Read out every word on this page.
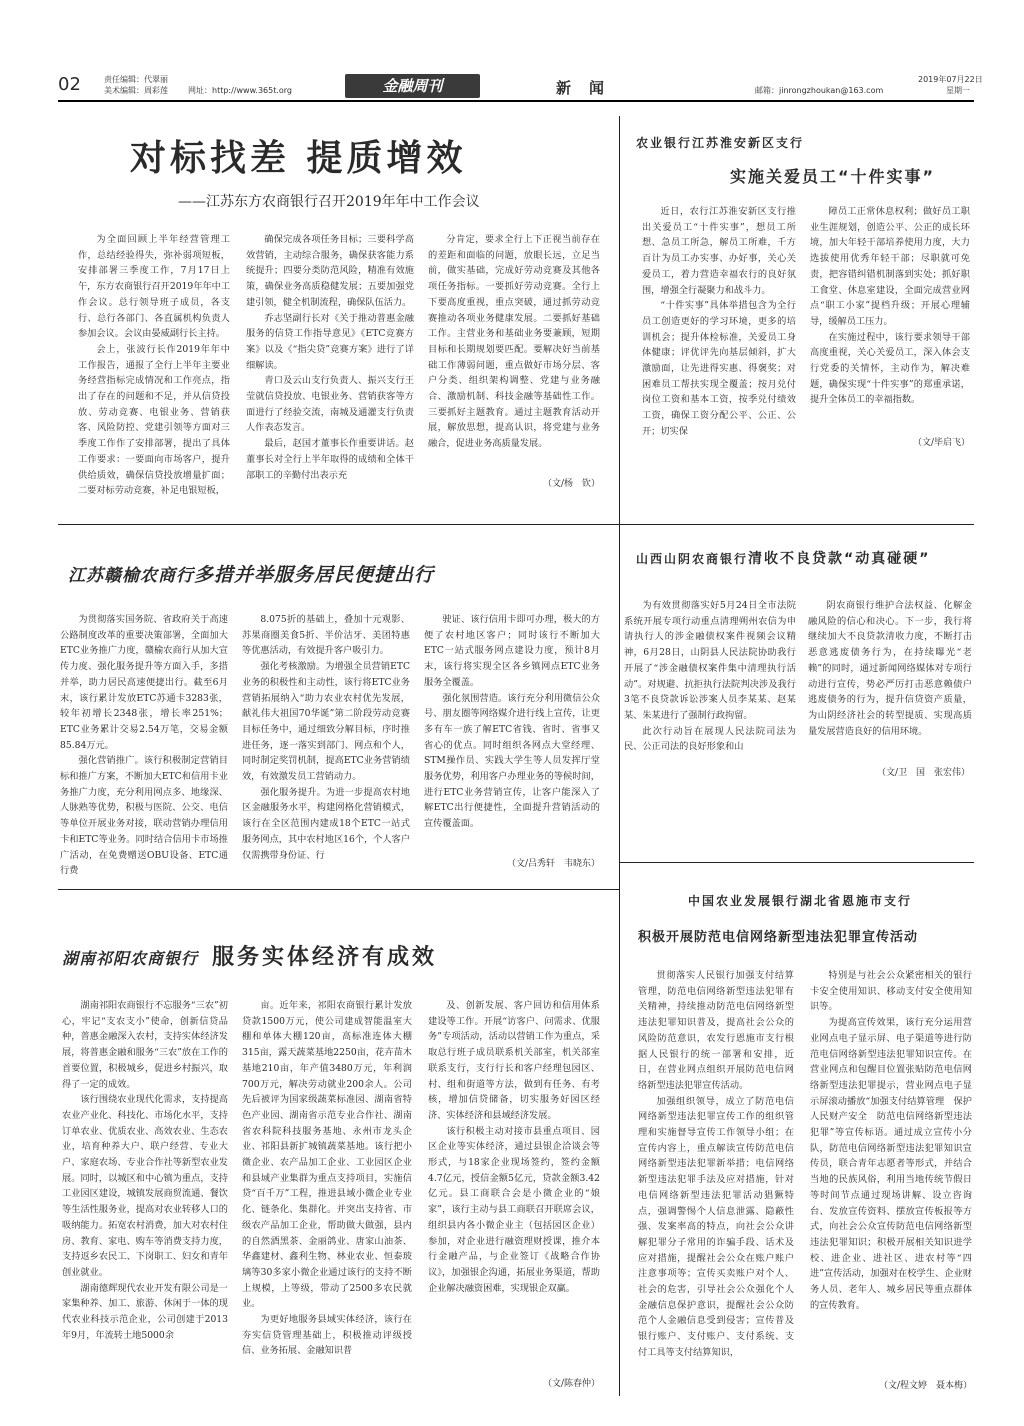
02	责任编辑：代翠丽
美术编辑：周彩莲	网址：http://www.365t.org	金融周刊	新闻	邮箱：jinrongzhoukan@163.com
2019年07月22日
星期一
对标找差 提质增效
——江苏东方农商银行召开2019年年中工作会议

为全面回顾上半年经营管理工作，总结经验得失，弥补弱项短板，安排部署三季度工作，7月17日上午，东方农商银行召开2019年年中工作会议。总行领导班子成员，各支行、总行各部门、各直属机构负责人参加会议。会议由晏威副行长主持。

会上，张波行长作2019年年中工作报告，通报了全行上半年主要业务经营指标完成情况和工作亮点，指出了存在的问题和不足，并从信贷投放、劳动竞赛、电银业务、营销获客、风险防控、党建引领等方面对三季度工作作了安排部署，提出了具体工作要求：一要面向市场客户，提升供给质效，确保信贷投放增量扩面；二要对标劳动竞赛，补足电银短板，

确保完成各项任务目标；三要科学高效营销，主动综合服务，确保获客能力系统提升；四要分类防范风险，精准有效施策，确保业务高质稳健发展；五要加强党建引领，健全机制流程，确保队伍活力。

乔志坚副行长对《关于推动普惠金融服务的信贷工作指导意见》《ETC竞赛方案》以及《“指尖贷”竞赛方案》进行了详细解读。

青口及云山支行负责人、振兴支行王莹就信贷投放、电银业务、营销获客等方面进行了经验交流，南城及通灌支行负责人作表态发言。

最后，赵国才董事长作重要讲话。赵董事长对全行上半年取得的成绩和全体干部职工的辛勤付出表示充

分肯定，要求全行上下正视当前存在的差距和面临的问题，放眼长远，立足当前，做实基础，完成好劳动竞赛及其他各项任务指标。一要抓好劳动竞赛。全行上下要高度重视，重点突破，通过抓劳动竞赛推动各项业务健康发展。二要抓好基础工作。主营业务和基础业务要兼顾，短期目标和长期规划要匹配。要解决好当前基础工作薄弱问题，重点做好市场分层、客户分类、组织架构调整、党建与业务融合、激励机制、科技金融等基础性工作。三要抓好主题教育。通过主题教育活动开展，解放思想，提高认识，将党建与业务融合，促进业务高质量发展。

（文/杨　钦）
农业银行江苏淮安新区支行
实施关爱员工“十件实事”

近日，农行江苏淮安新区支行推出关爱员工“十件实事”，想员工所想、急员工所急，解员工所难，千方百计为员工办实事、办好事，关心关爱员工，着力营造幸福农行的良好氛围，增强全行凝聚力和战斗力。

“十件实事”具体举措包含为全行员工创造更好的学习环境，更多的培训机会；提升体检标准，关爱员工身体健康；评优评先向基层倾斜，扩大激励面，让先进得实惠、得褒奖；对困难员工帮扶实现全覆盖；按月兑付岗位工资和基本工资，按季兑付绩效工资，确保工资分配公平、公正、公开；切实保

障员工正常休息权利；做好员工职业生涯规划，创造公平、公正的成长环境，加大年轻干部培养使用力度，大力选拔使用优秀年轻干部；尽职就可免责，把容错纠错机制落到实处；抓好职工食堂、休息室建设，全面完成营业网点“职工小家”提档升级；开展心理辅导，缓解员工压力。

在实施过程中，该行要求领导干部高度重视，关心关爱员工，深入体会支行党委的关情怀，主动作为，解决难题，确保实现“十件实事”的郑重承诺，提升全体员工的幸福指数。

（文/毕启飞）
江苏赣榆农商行多措并举服务居民便捷出行

为贯彻落实国务院、省政府关于高速公路制度改革的重要决策部署，全面加大ETC业务推广力度，赣榆农商行从加大宣传力度、强化服务提升等方面入手，多措并举，助力居民高速便捷出行。截至6月末，该行累计发放ETC苏通卡3283张，较年初增长2348张，增长率251%；ETC业务累计交易2.54万笔，交易金额85.84万元。

强化营销推广。该行积极制定营销目标和推广方案，不断加大ETC和信用卡业务推广力度，充分利用网点多、地缘深、人脉熟等优势，积极与医院、公交、电信等单位开展业务对接，联动营销办理信用卡和ETC等业务。同时结合信用卡市场推广活动，在免费赠送OBU设备、ETC通行费

8.075折的基础上，叠加十元观影、苏果商圈美食5折、半价洁牙、美团特惠等优惠活动，有效提升客户吸引力。

强化考核激励。为增强全员营销ETC业务的积极性和主动性，该行将ETC业务营销拓展纳入“助力农业农村优先发展，献礼伟大祖国70华诞”第二阶段劳动竞赛目标任务中，通过细致分解目标，序时推进任务，逐一落实到部门、网点和个人，同时制定奖罚机制，提高ETC业务营销绩效，有效激发员工营销动力。

强化服务提升。为进一步提高农村地区金融服务水平，构建网格化营销模式，该行在全区范围内建成18个ETC一站式服务网点，其中农村地区16个，个人客户仅需携带身份证、行

驶证、该行信用卡即可办理，极大的方便了农村地区客户；同时该行不断加大ETC一站式服务网点建设力度，预计8月末，该行将实现全区各乡镇网点ETC业务服务全覆盖。

强化氛围营造。该行充分利用微信公众号、朋友圈等网络媒介进行线上宣传，让更多有车一族了解ETC省钱、省时、省事又省心的优点。同时组织各网点大堂经理、STM操作员、实践大学生等人员发挥厅堂服务优势，利用客户办理业务的等候时间，进行ETC业务营销宣传，让客户能深入了解ETC出行便捷性，全面提升营销活动的宣传覆盖面。

（文/吕秀轩　韦晓东）
山西山阴农商银行清收不良贷款“动真碰硬”

为有效贯彻落实好5月24日全市法院系统开展专项行动重点清理朔州农信为申请执行人的涉金融债权案件视频会议精神，6月28日，山阴县人民法院协助我行开展了“涉金融债权案件集中清理执行活动”。对规避、抗拒执行法院判决涉及我行3笔不良贷款诉讼涉案人员李某某、赵某某、朱某进行了强制行政拘留。

此次行动旨在展现人民法院司法为民、公正司法的良好形象和山

阴农商银行维护合法权益、化解金融风险的信心和决心。下一步，我行将继续加大不良贷款清收力度，不断打击恶意逃废债务行为，在持续曝光“老赖”的同时，通过新闻网络媒体对专项行动进行宣传，势必严厉打击恶意赖债户逃废债务的行为，提升信贷资产质量，为山阴经济社会的转型提质、实现高质量发展营造良好的信用环境。

（文/卫　国　张宏伟）
湖南祁阳农商银行 服务实体经济有成效

湖南祁阳农商银行不忘服务“三农”初心，牢记“支农支小”使命，创新信贷品种，普惠金融深入农村，支持实体经济发展，将普惠金融和服务“三农”放在工作的首要位置，积极城乡，促进乡村振兴，取得了一定的成效。

该行围绕农业现代化需求，支持提高农业产业化、科技化、市场化水平，支持订单农业、优质农业、高效农业、生态农业，培育种养大户、联户经营、专业大户、家庭农场、专业合作社等新型农业发展。同时，以城区和中心镇为重点，支持工业园区建设，城镇发展商贸流通、餐饮等生活性服务业，提高对农业转移人口的吸纳能力。拓宽农村消费，加大对农村住房、教育、家电、购车等消费支持力度，支持返乡农民工、下岗职工、妇女和青年创业就业。

湖南德辉现代农业开发有限公司是一家集种养、加工、旅游、休闲于一体的现代农业科技示范企业，公司创建于2013年9月，年流转土地5000余

亩。近年来，祁阳农商银行累计发放贷款1500万元，使公司建成智能温室大棚和单体大棚120亩，高标准连体大棚315亩，露天蔬菜基地2250亩，花卉苗木基地210亩，年产值3480万元，年利润700万元，解决劳动就业200余人。公司先后被评为国家级蔬菜标准园、湖南省特色产业园、湖南省示范专业合作社、湖南省农科院科技服务基地、永州市龙头企业、祁阳县新扩城镇蔬菜基地。该行把小微企业、农产品加工企业、工业园区企业和县域产业集群为重点支持项目，实施信贷“百千万”工程，推进县域小微企业专业化、链条化、集群化。并突出支持省、市级农产品加工企业，帮助做大做强，县内的自然酒黑茶、金丽鸽业、唐家山油茶、华鑫建材、鑫利生物、林业农业、恒泰玻璃等30多家小微企业通过该行的支持不断上规模，上等级，带动了2500多农民就业。

为更好地服务县域实体经济，该行在夯实信贷管理基础上，积极推动评级授信、业务拓展、金融知识普

及、创新发展、客户回访和信用体系建设等工作。开展“访客户、问需求、优服务”专项活动，活动以营销工作为重点，采取总行班子成员联系机关部室，机关部室联系支行，支行行长和客户经理包园区、村、组和街道等方法，做到有任务、有考核，增加信贷储备，切实服务好园区经济、实体经济和县域经济发展。

该行积极主动对接市县重点项目、园区企业等实体经济，通过县银企洽谈会等形式，与18家企业现场签约，签约金额4.7亿元，授信金额5亿元，贷款金额3.42亿元。县工商联合会是小微企业的“娘家”，该行主动与县工商联召开联席会议，组织县内各小微企业主（包括园区企业）参加，对企业进行融资理财授课，推介本行金融产品，与企业签订《战略合作协议》，加强银企沟通，拓展业务渠道，帮助企业解决融资困难，实现银企双赢。

（文/陈春仲）
中国农业发展银行湖北省恩施市支行
积极开展防范电信网络新型违法犯罪宣传活动

贯彻落实人民银行加强支付结算管理，防范电信网络新型违法犯罪有关精神，持续推动防范电信网络新型违法犯罪知识普及，提高社会公众的风险防范意识，农发行恩施市支行根据人民银行的统一部署和安排，近日，在营业网点组织开展防范电信网络新型违法犯罪宣传活动。

加强组织领导，成立了防范电信网络新型违法犯罪宣传工作的组织管理和实施督导宣传工作领导小组；在宣传内容上，重点解读宣传防范电信网络新型违法犯罪新举措；电信网络新型违法犯罪手法及应对措施，针对电信网络新型违法犯罪活动猖獗特点，强调警惕个人信息泄露、隐蔽性强、发案率高的特点，向社会公众讲解犯罪分子常用的诈骗手段、话术及应对措施，提醒社会公众在账户账户注意事项等；宣传买卖账户对个人、社会的危害，引导社会公众强化个人金融信息保护意识，提醒社会公众防范个人金融信息受到侵害；宣传普及银行账户、支付账户、支付系统、支付工具等支付结算知识，

特别是与社会公众紧密相关的银行卡安全使用知识、移动支付安全使用知识等。

为提高宣传效果，该行充分运用营业网点电子显示屏、电子渠道等进行防范电信网络新型违法犯罪知识宣传。在营业网点和包醒目位置张贴防范电信网络新型违法犯罪提示，营业网点电子显示屏滚动播放“加强支付结算管理　保护人民财产安全　防范电信网络新型违法犯罪”等宣传标语。通过成立宣传小分队，防范电信网络新型违法犯罪知识宣传员，联合青年志愿者等形式，并结合当地的民族风俗，利用当地传统节假日等时间节点通过现场讲解、设立咨询台、发放宣传资料、摆放宣传板报等方式，向社会公众宣传防范电信网络新型违法犯罪知识；积极开展相关知识进学校、进企业、进社区、进农村等“四进”宣传活动，加强对在校学生、企业财务人员、老年人、城乡居民等重点群体的宣传教育。

（文/程文婷　聂本梅）
